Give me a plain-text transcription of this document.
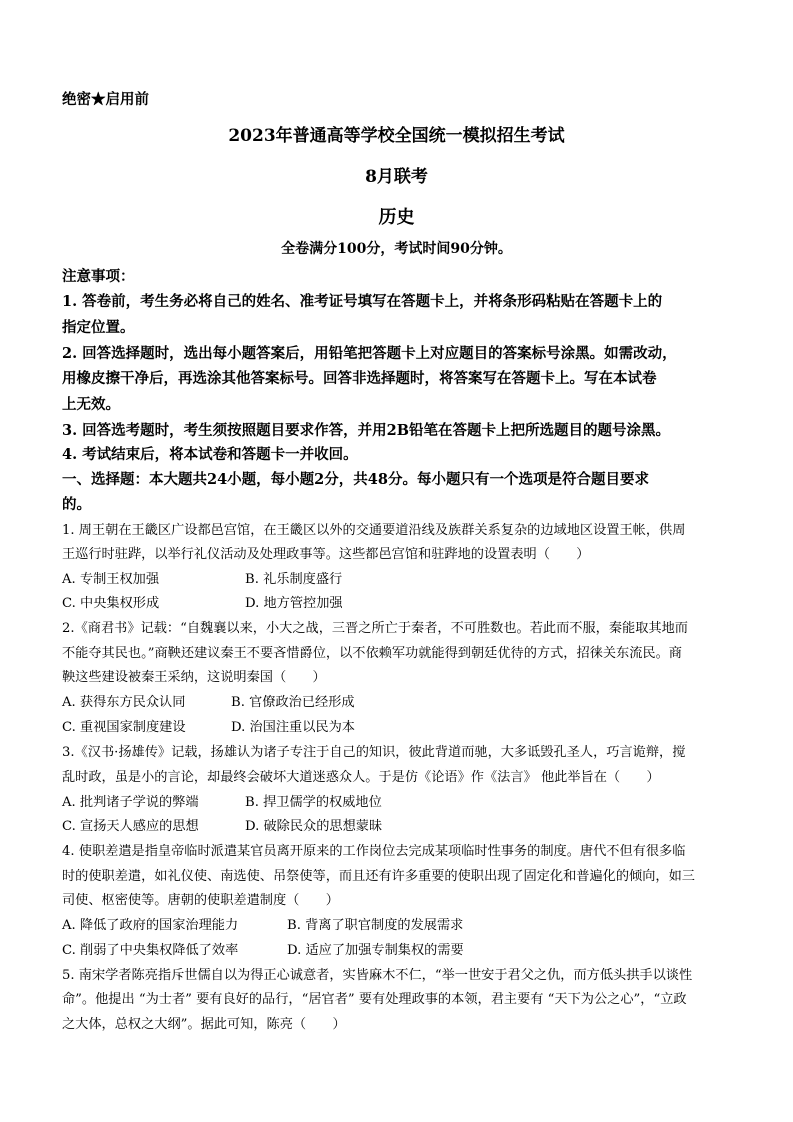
绝密★启用前
2023年普通高等学校全国统一模拟招生考试
8月联考
历史
全卷满分100分，考试时间90分钟。
注意事项：
1. 答卷前，考生务必将自己的姓名、准考证号填写在答题卡上，并将条形码粘贴在答题卡上的
指定位置。
2. 回答选择题时，选出每小题答案后，用铅笔把答题卡上对应题目的答案标号涂黑。如需改动，
用橡皮擦干净后，再选涂其他答案标号。回答非选择题时，将答案写在答题卡上。写在本试卷
上无效。
3. 回答选考题时，考生须按照题目要求作答，并用2B铅笔在答题卡上把所选题目的题号涂黑。
4. 考试结束后，将本试卷和答题卡一并收回。
一、选择题：本大题共24小题，每小题2分，共48分。每小题只有一个选项是符合题目要求
的。
1. 周王朝在王畿区广设都邑宫馆，在王畿区以外的交通要道沿线及族群关系复杂的边域地区设置王帐，供周
王巡行时驻跸，以举行礼仪活动及处理政事等。这些都邑宫馆和驻跸地的设置表明（　　）
A. 专制王权加强	B. 礼乐制度盛行
C. 中央集权形成	D. 地方管控加强
2.《商君书》记载：“自魏襄以来，小大之战，三晋之所亡于秦者，不可胜数也。若此而不服，秦能取其地而
不能夺其民也。”商鞅还建议秦王不要吝惜爵位，以不依赖军功就能得到朝廷优待的方式，招徕关东流民。商
鞅这些建设被秦王采纳，这说明秦国（　　）
A. 获得东方民众认同	B. 官僚政治已经形成
C. 重视国家制度建设	D. 治国注重以民为本
3.《汉书·扬雄传》记载，扬雄认为诸子专注于自己的知识，彼此背道而驰，大多诋毁孔圣人，巧言诡辩，搅
乱时政，虽是小的言论，却最终会破坏大道迷惑众人。于是仿《论语》作《法言》 他此举旨在（　　）
A. 批判诸子学说的弊端	B. 捍卫儒学的权威地位
C. 宣扬天人感应的思想	D. 破除民众的思想蒙昧
4. 使职差遣是指皇帝临时派遣某官员离开原来的工作岗位去完成某项临时性事务的制度。唐代不但有很多临
时的使职差遣，如礼仪使、南选使、吊祭使等，而且还有许多重要的使职出现了固定化和普遍化的倾向，如三
司使、枢密使等。唐朝的使职差遣制度（　　）
A. 降低了政府的国家治理能力	B. 背离了职官制度的发展需求
C. 削弱了中央集权降低了效率	D. 适应了加强专制集权的需要
5. 南宋学者陈亮指斥世儒自以为得正心诚意者，实皆麻木不仁，“举一世安于君父之仇，而方低头拱手以谈性
命”。他提出 “为士者” 要有良好的品行，“居官者” 要有处理政事的本领，君主要有 “天下为公之心”，“立政
之大体，总权之大纲”。据此可知，陈亮（　　）
